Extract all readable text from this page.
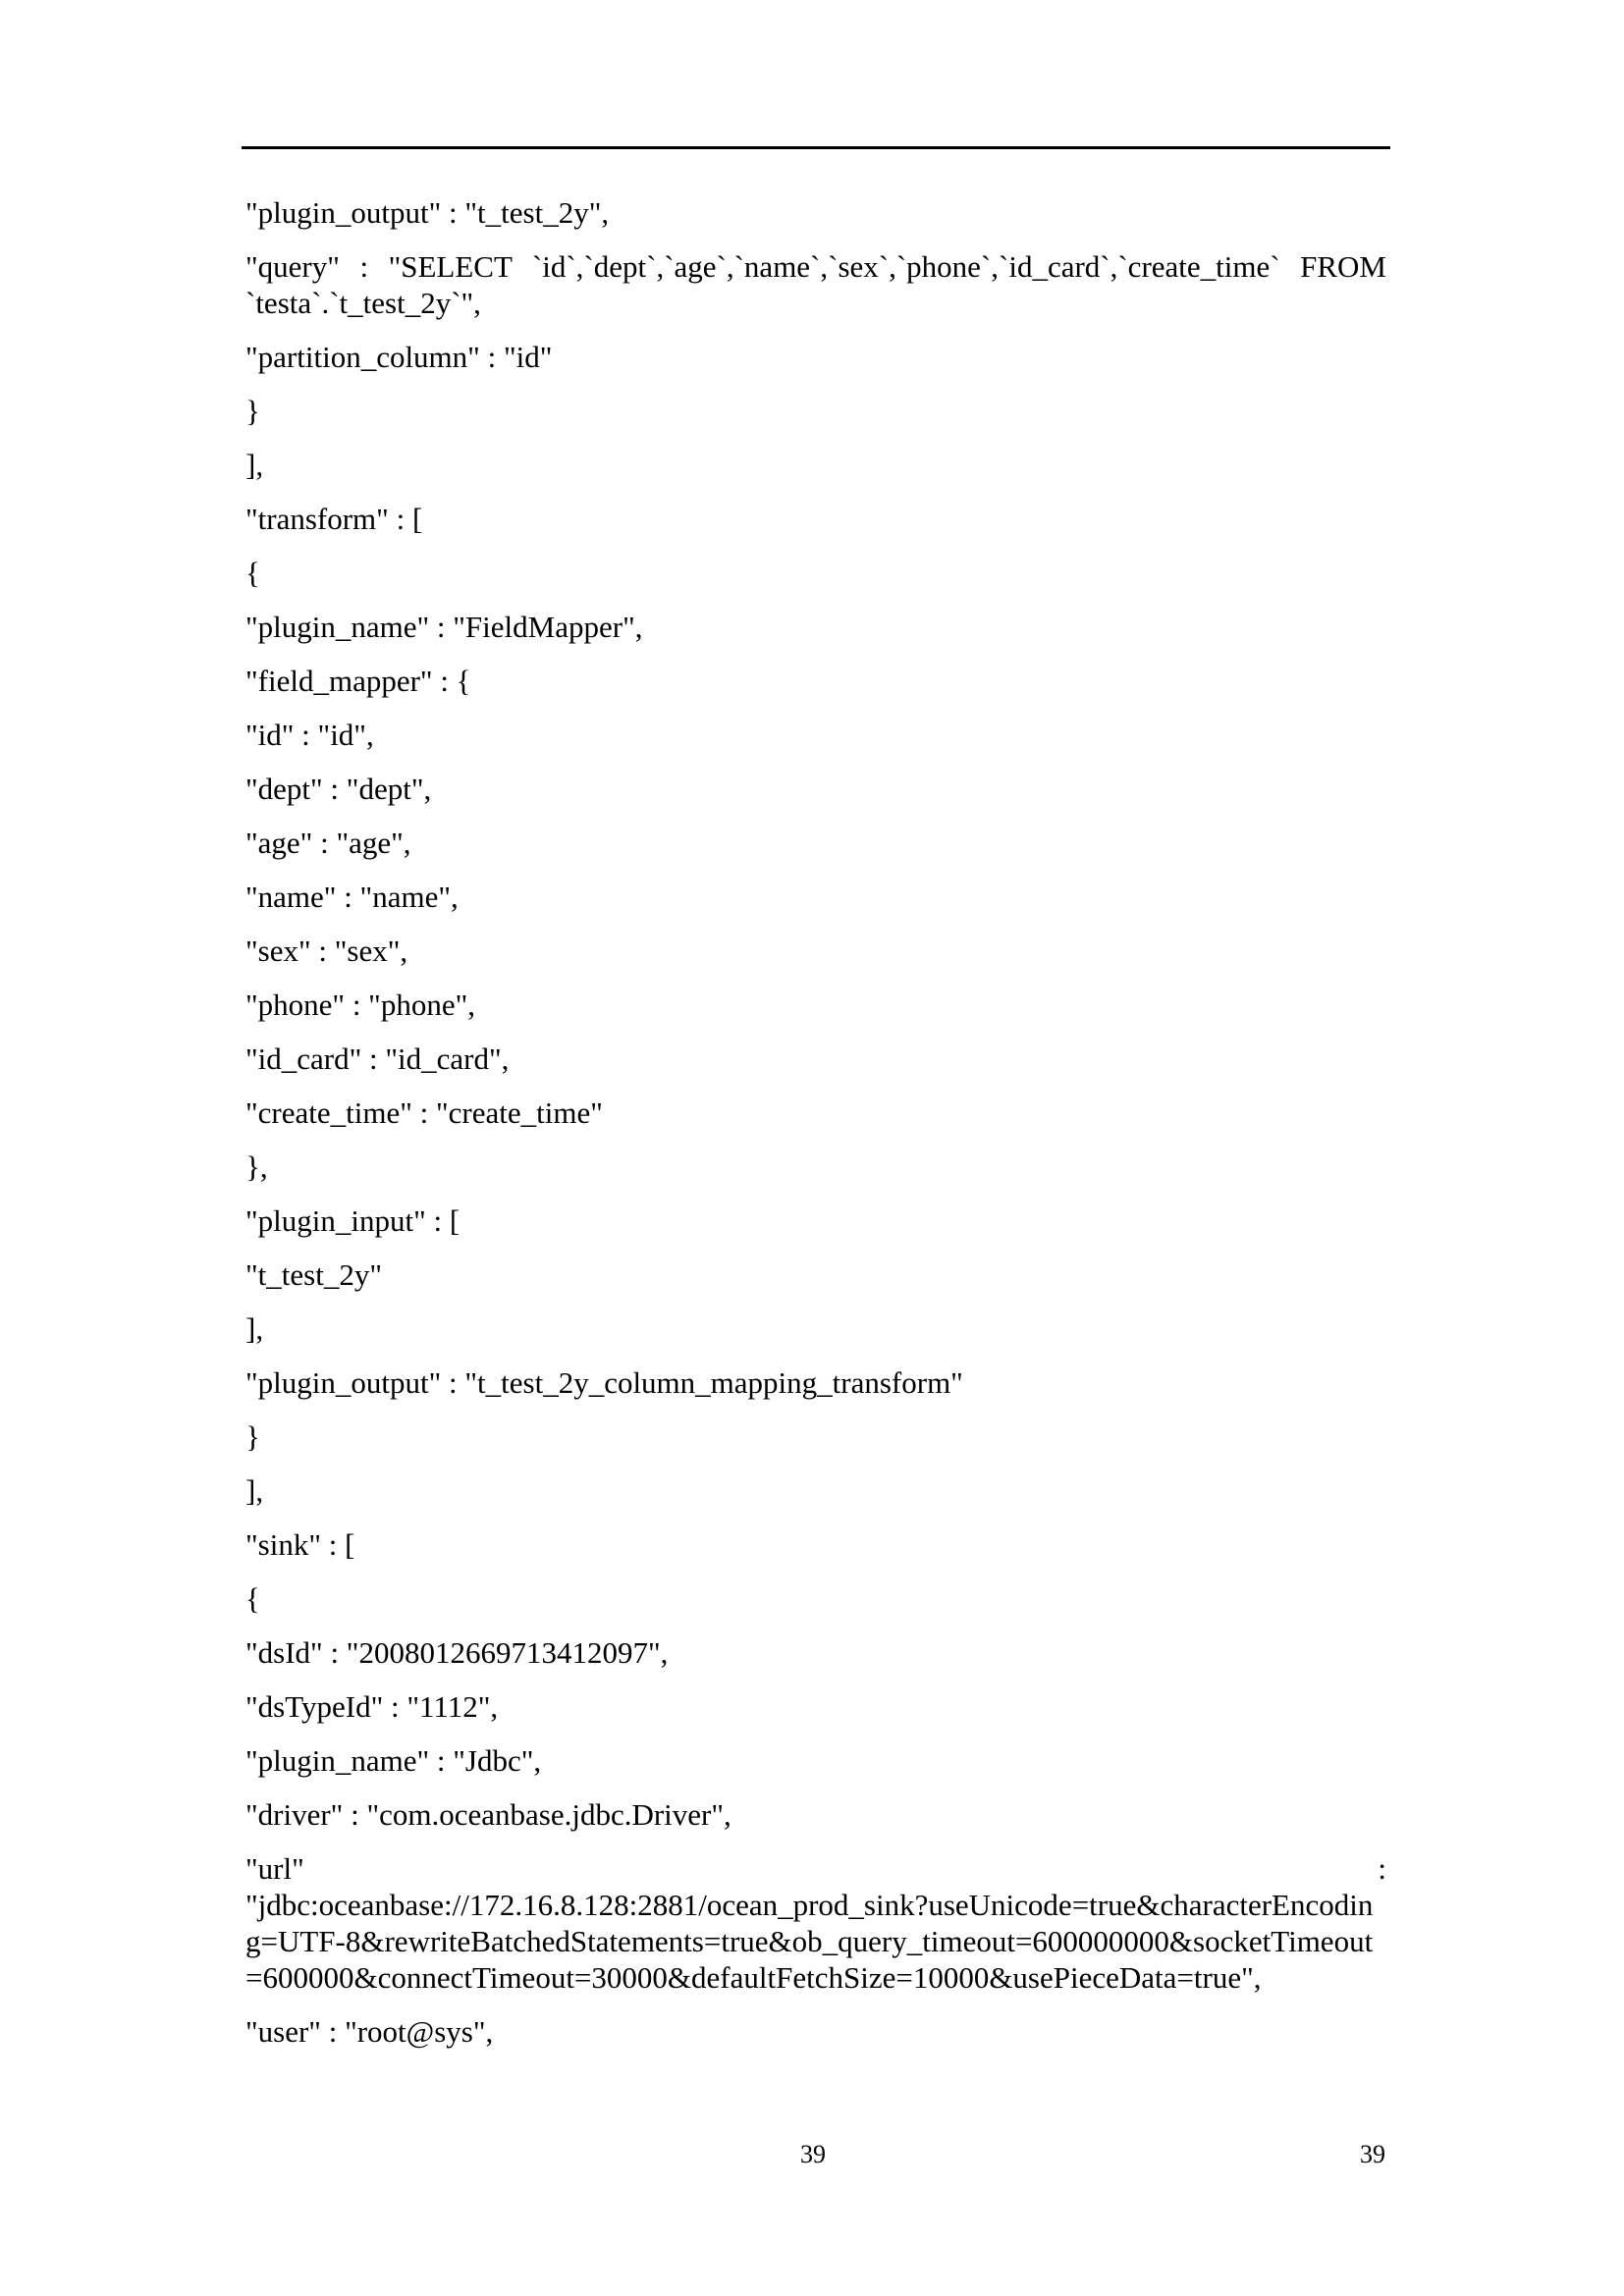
"plugin_output" : "t_test_2y",
"query" : "SELECT `id`,`dept`,`age`,`name`,`sex`,`phone`,`id_card`,`create_time` FROM `testa`.`t_test_2y`",
"partition_column" : "id"
}
],
"transform" : [
{
"plugin_name" : "FieldMapper",
"field_mapper" : {
"id" : "id",
"dept" : "dept",
"age" : "age",
"name" : "name",
"sex" : "sex",
"phone" : "phone",
"id_card" : "id_card",
"create_time" : "create_time"
},
"plugin_input" : [
"t_test_2y"
],
"plugin_output" : "t_test_2y_column_mapping_transform"
}
],
"sink" : [
{
"dsId" : "2008012669713412097",
"dsTypeId" : "1112",
"plugin_name" : "Jdbc",
"driver" : "com.oceanbase.jdbc.Driver",
"url"	:
"jdbc:oceanbase://172.16.8.128:2881/ocean_prod_sink?useUnicode=true&characterEncoding=UTF-8&rewriteBatchedStatements=true&ob_query_timeout=600000000&socketTimeout=600000&connectTimeout=30000&defaultFetchSize=10000&usePieceData=true",
"user" : "root@sys",
39	39
